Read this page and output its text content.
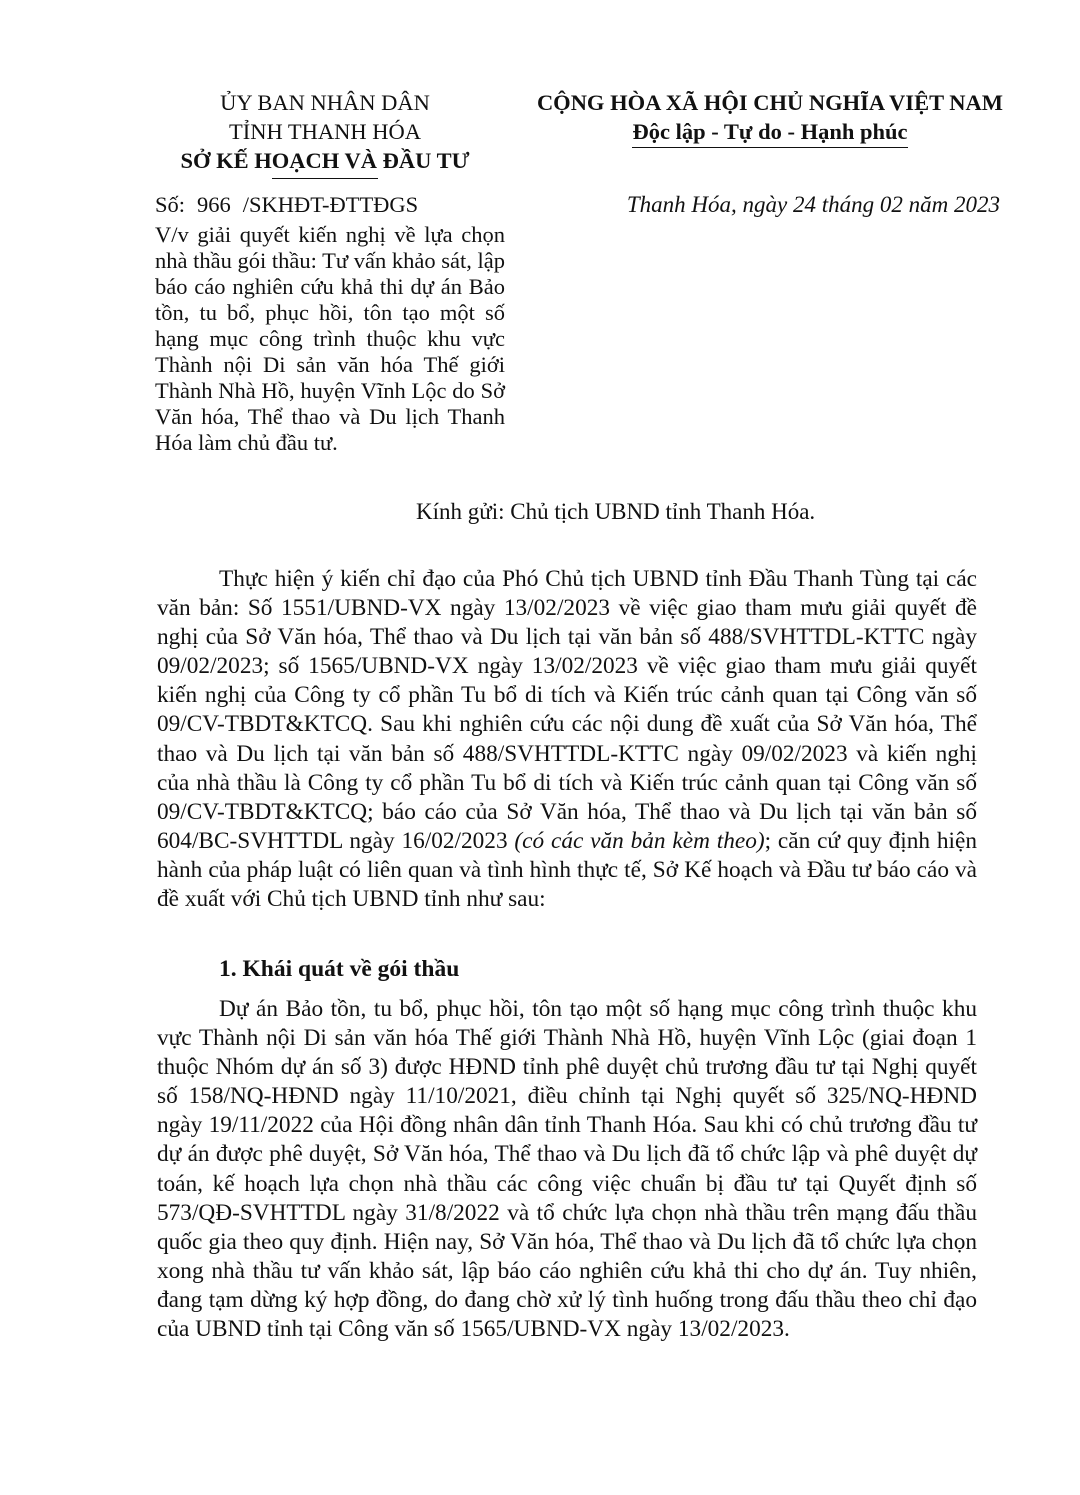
ỦY BAN NHÂN DÂN
TỈNH THANH HÓA
SỞ KẾ HOẠCH VÀ ĐẦU TƯ
CỘNG HÒA XÃ HỘI CHỦ NGHĨA VIỆT NAM
Độc lập - Tự do - Hạnh phúc
Số: 966 /SKHĐT-ĐTTĐGS	Thanh Hóa, ngày 24 tháng 02 năm 2023
V/v giải quyết kiến nghị về lựa chọn nhà thầu gói thầu: Tư vấn khảo sát, lập báo cáo nghiên cứu khả thi dự án Bảo tồn, tu bổ, phục hồi, tôn tạo một số hạng mục công trình thuộc khu vực Thành nội Di sản văn hóa Thế giới Thành Nhà Hồ, huyện Vĩnh Lộc do Sở Văn hóa, Thể thao và Du lịch Thanh Hóa làm chủ đầu tư.
Kính gửi: Chủ tịch UBND tỉnh Thanh Hóa.
Thực hiện ý kiến chỉ đạo của Phó Chủ tịch UBND tỉnh Đầu Thanh Tùng tại các văn bản: Số 1551/UBND-VX ngày 13/02/2023 về việc giao tham mưu giải quyết đề nghị của Sở Văn hóa, Thể thao và Du lịch tại văn bản số 488/SVHTTDL-KTTC ngày 09/02/2023; số 1565/UBND-VX ngày 13/02/2023 về việc giao tham mưu giải quyết kiến nghị của Công ty cổ phần Tu bổ di tích và Kiến trúc cảnh quan tại Công văn số 09/CV-TBDT&KTCQ. Sau khi nghiên cứu các nội dung đề xuất của Sở Văn hóa, Thể thao và Du lịch tại văn bản số 488/SVHTTDL-KTTC ngày 09/02/2023 và kiến nghị của nhà thầu là Công ty cổ phần Tu bổ di tích và Kiến trúc cảnh quan tại Công văn số 09/CV-TBDT&KTCQ; báo cáo của Sở Văn hóa, Thể thao và Du lịch tại văn bản số 604/BC-SVHTTDL ngày 16/02/2023 (có các văn bản kèm theo); căn cứ quy định hiện hành của pháp luật có liên quan và tình hình thực tế, Sở Kế hoạch và Đầu tư báo cáo và đề xuất với Chủ tịch UBND tỉnh như sau:
1. Khái quát về gói thầu
Dự án Bảo tồn, tu bổ, phục hồi, tôn tạo một số hạng mục công trình thuộc khu vực Thành nội Di sản văn hóa Thế giới Thành Nhà Hồ, huyện Vĩnh Lộc (giai đoạn 1 thuộc Nhóm dự án số 3) được HĐND tỉnh phê duyệt chủ trương đầu tư tại Nghị quyết số 158/NQ-HĐND ngày 11/10/2021, điều chỉnh tại Nghị quyết số 325/NQ-HĐND ngày 19/11/2022 của Hội đồng nhân dân tỉnh Thanh Hóa. Sau khi có chủ trương đầu tư dự án được phê duyệt, Sở Văn hóa, Thể thao và Du lịch đã tổ chức lập và phê duyệt dự toán, kế hoạch lựa chọn nhà thầu các công việc chuẩn bị đầu tư tại Quyết định số 573/QĐ-SVHTTDL ngày 31/8/2022 và tổ chức lựa chọn nhà thầu trên mạng đấu thầu quốc gia theo quy định. Hiện nay, Sở Văn hóa, Thể thao và Du lịch đã tổ chức lựa chọn xong nhà thầu tư vấn khảo sát, lập báo cáo nghiên cứu khả thi cho dự án. Tuy nhiên, đang tạm dừng ký hợp đồng, do đang chờ xử lý tình huống trong đấu thầu theo chỉ đạo của UBND tỉnh tại Công văn số 1565/UBND-VX ngày 13/02/2023.
